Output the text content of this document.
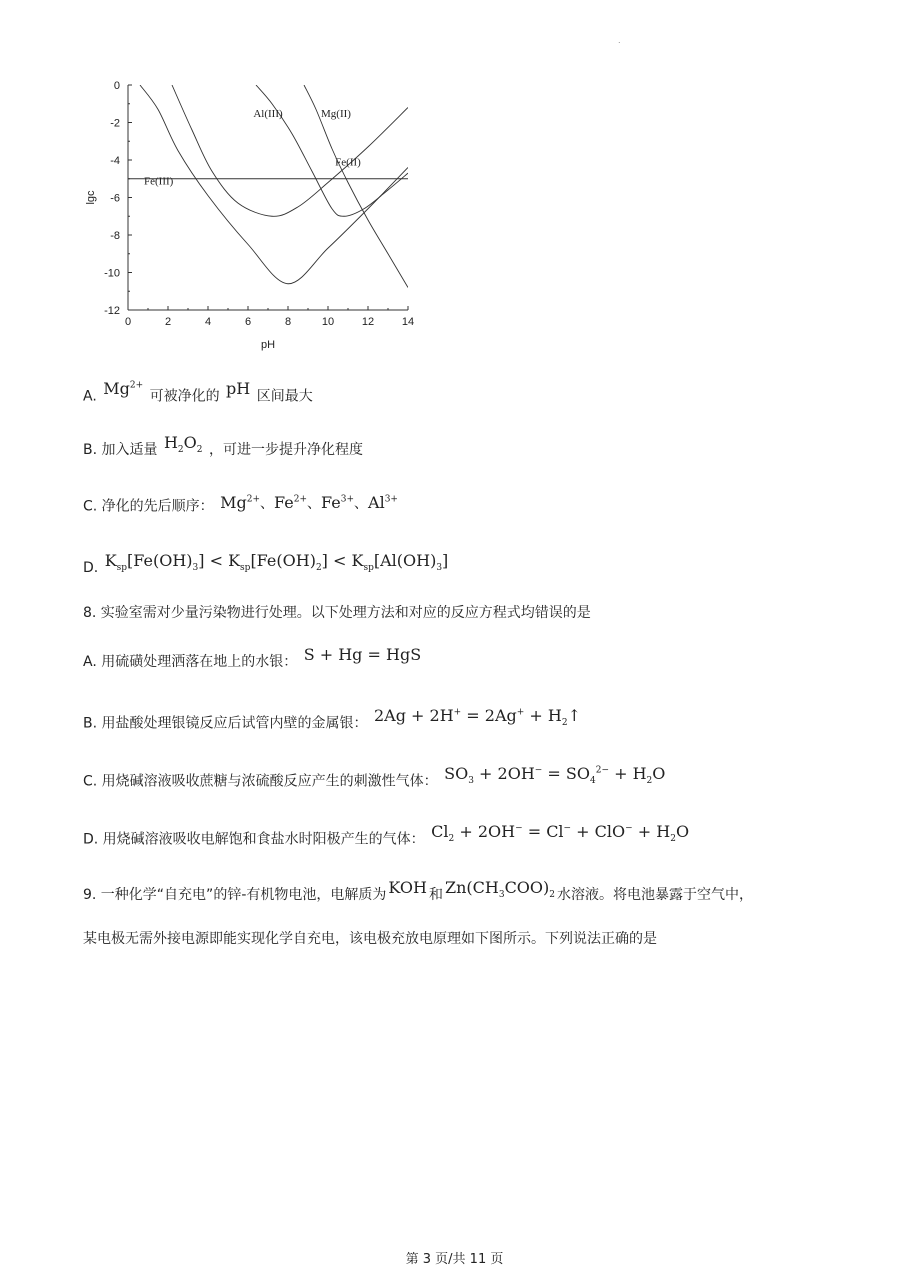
.
0	2	4	6	8	10	12	14
0
-2
-4
-6
-8
-10
-12
pH
lgc
Fe(III)
Al(III)
Fe(II)
Mg(II)
A. $Mg^{2+}$ 可被净化的 pH 区间最大
B. 加入适量 $H_2O_2$ ，可进一步提升净化程度
C. 净化的先后顺序： $Mg^{2+}$、$Fe^{2+}$、$Fe^{3+}$、$Al^{3+}$
D. $K_{sp}[Fe(OH)_3] < K_{sp}[Fe(OH)_2] < K_{sp}[Al(OH)_3]$
8. 实验室需对少量污染物进行处理。以下处理方法和对应的反应方程式均错误的是
A. 用硫磺处理洒落在地上的水银： S + Hg = HgS
B. 用盐酸处理银镜反应后试管内壁的金属银： $2Ag + 2H^+ = 2Ag^+ + H_2↑$
C. 用烧碱溶液吸收蔗糖与浓硫酸反应产生的刺激性气体： $SO_3 + 2OH^- = SO_4^{2-} + H_2O$
D. 用烧碱溶液吸收电解饱和食盐水时阳极产生的气体： $Cl_2 + 2OH^- = Cl^- + ClO^- + H_2O$
9. 一种化学“自充电”的锌-有机物电池，电解质为 KOH 和 $Zn(CH_3COO)_2$ 水溶液。将电池暴露于空气中，
某电极无需外接电源即能实现化学自充电，该电极充放电原理如下图所示。下列说法正确的是
第 3 页/共 11 页
